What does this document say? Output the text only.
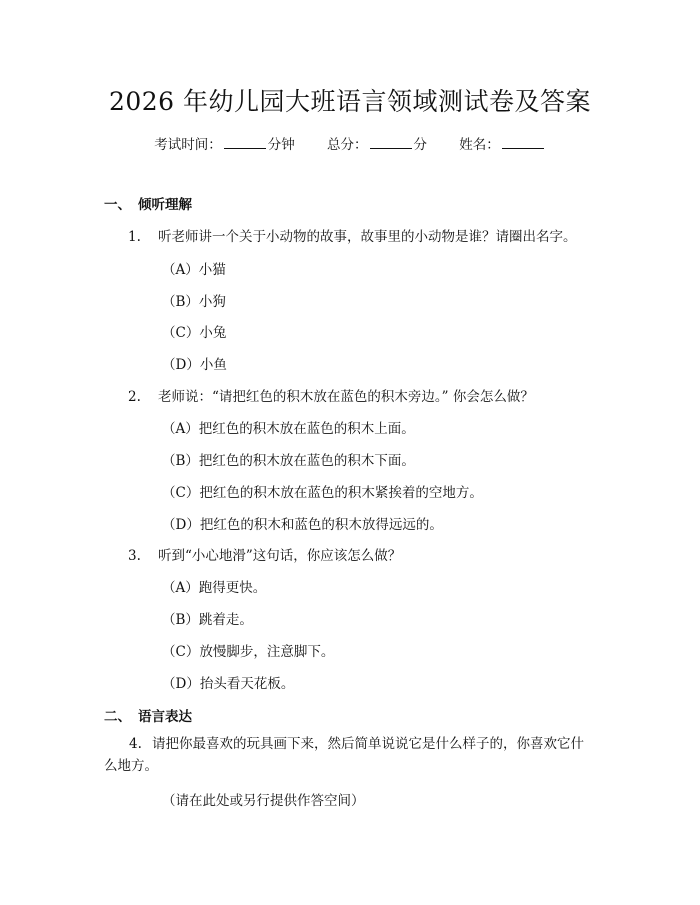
2026 年幼儿园大班语言领域测试卷及答案
考试时间：	分钟 总分：	分 姓名：
一、 倾听理解
1. 听老师讲一个关于小动物的故事，故事里的小动物是谁？请圈出名字。
（A）小猫
（B）小狗
（C）小兔
（D）小鱼
2. 老师说：“请把红色的积木放在蓝色的积木旁边。” 你会怎么做？
（A）把红色的积木放在蓝色的积木上面。
（B）把红色的积木放在蓝色的积木下面。
（C）把红色的积木放在蓝色的积木紧挨着的空地方。
（D）把红色的积木和蓝色的积木放得远远的。
3. 听到“小心地滑”这句话，你应该怎么做？
（A）跑得更快。
（B）跳着走。
（C）放慢脚步，注意脚下。
（D）抬头看天花板。
二、 语言表达
4. 请把你最喜欢的玩具画下来，然后简单说说它是什么样子的，你喜欢它什
么地方。
（请在此处或另行提供作答空间）
